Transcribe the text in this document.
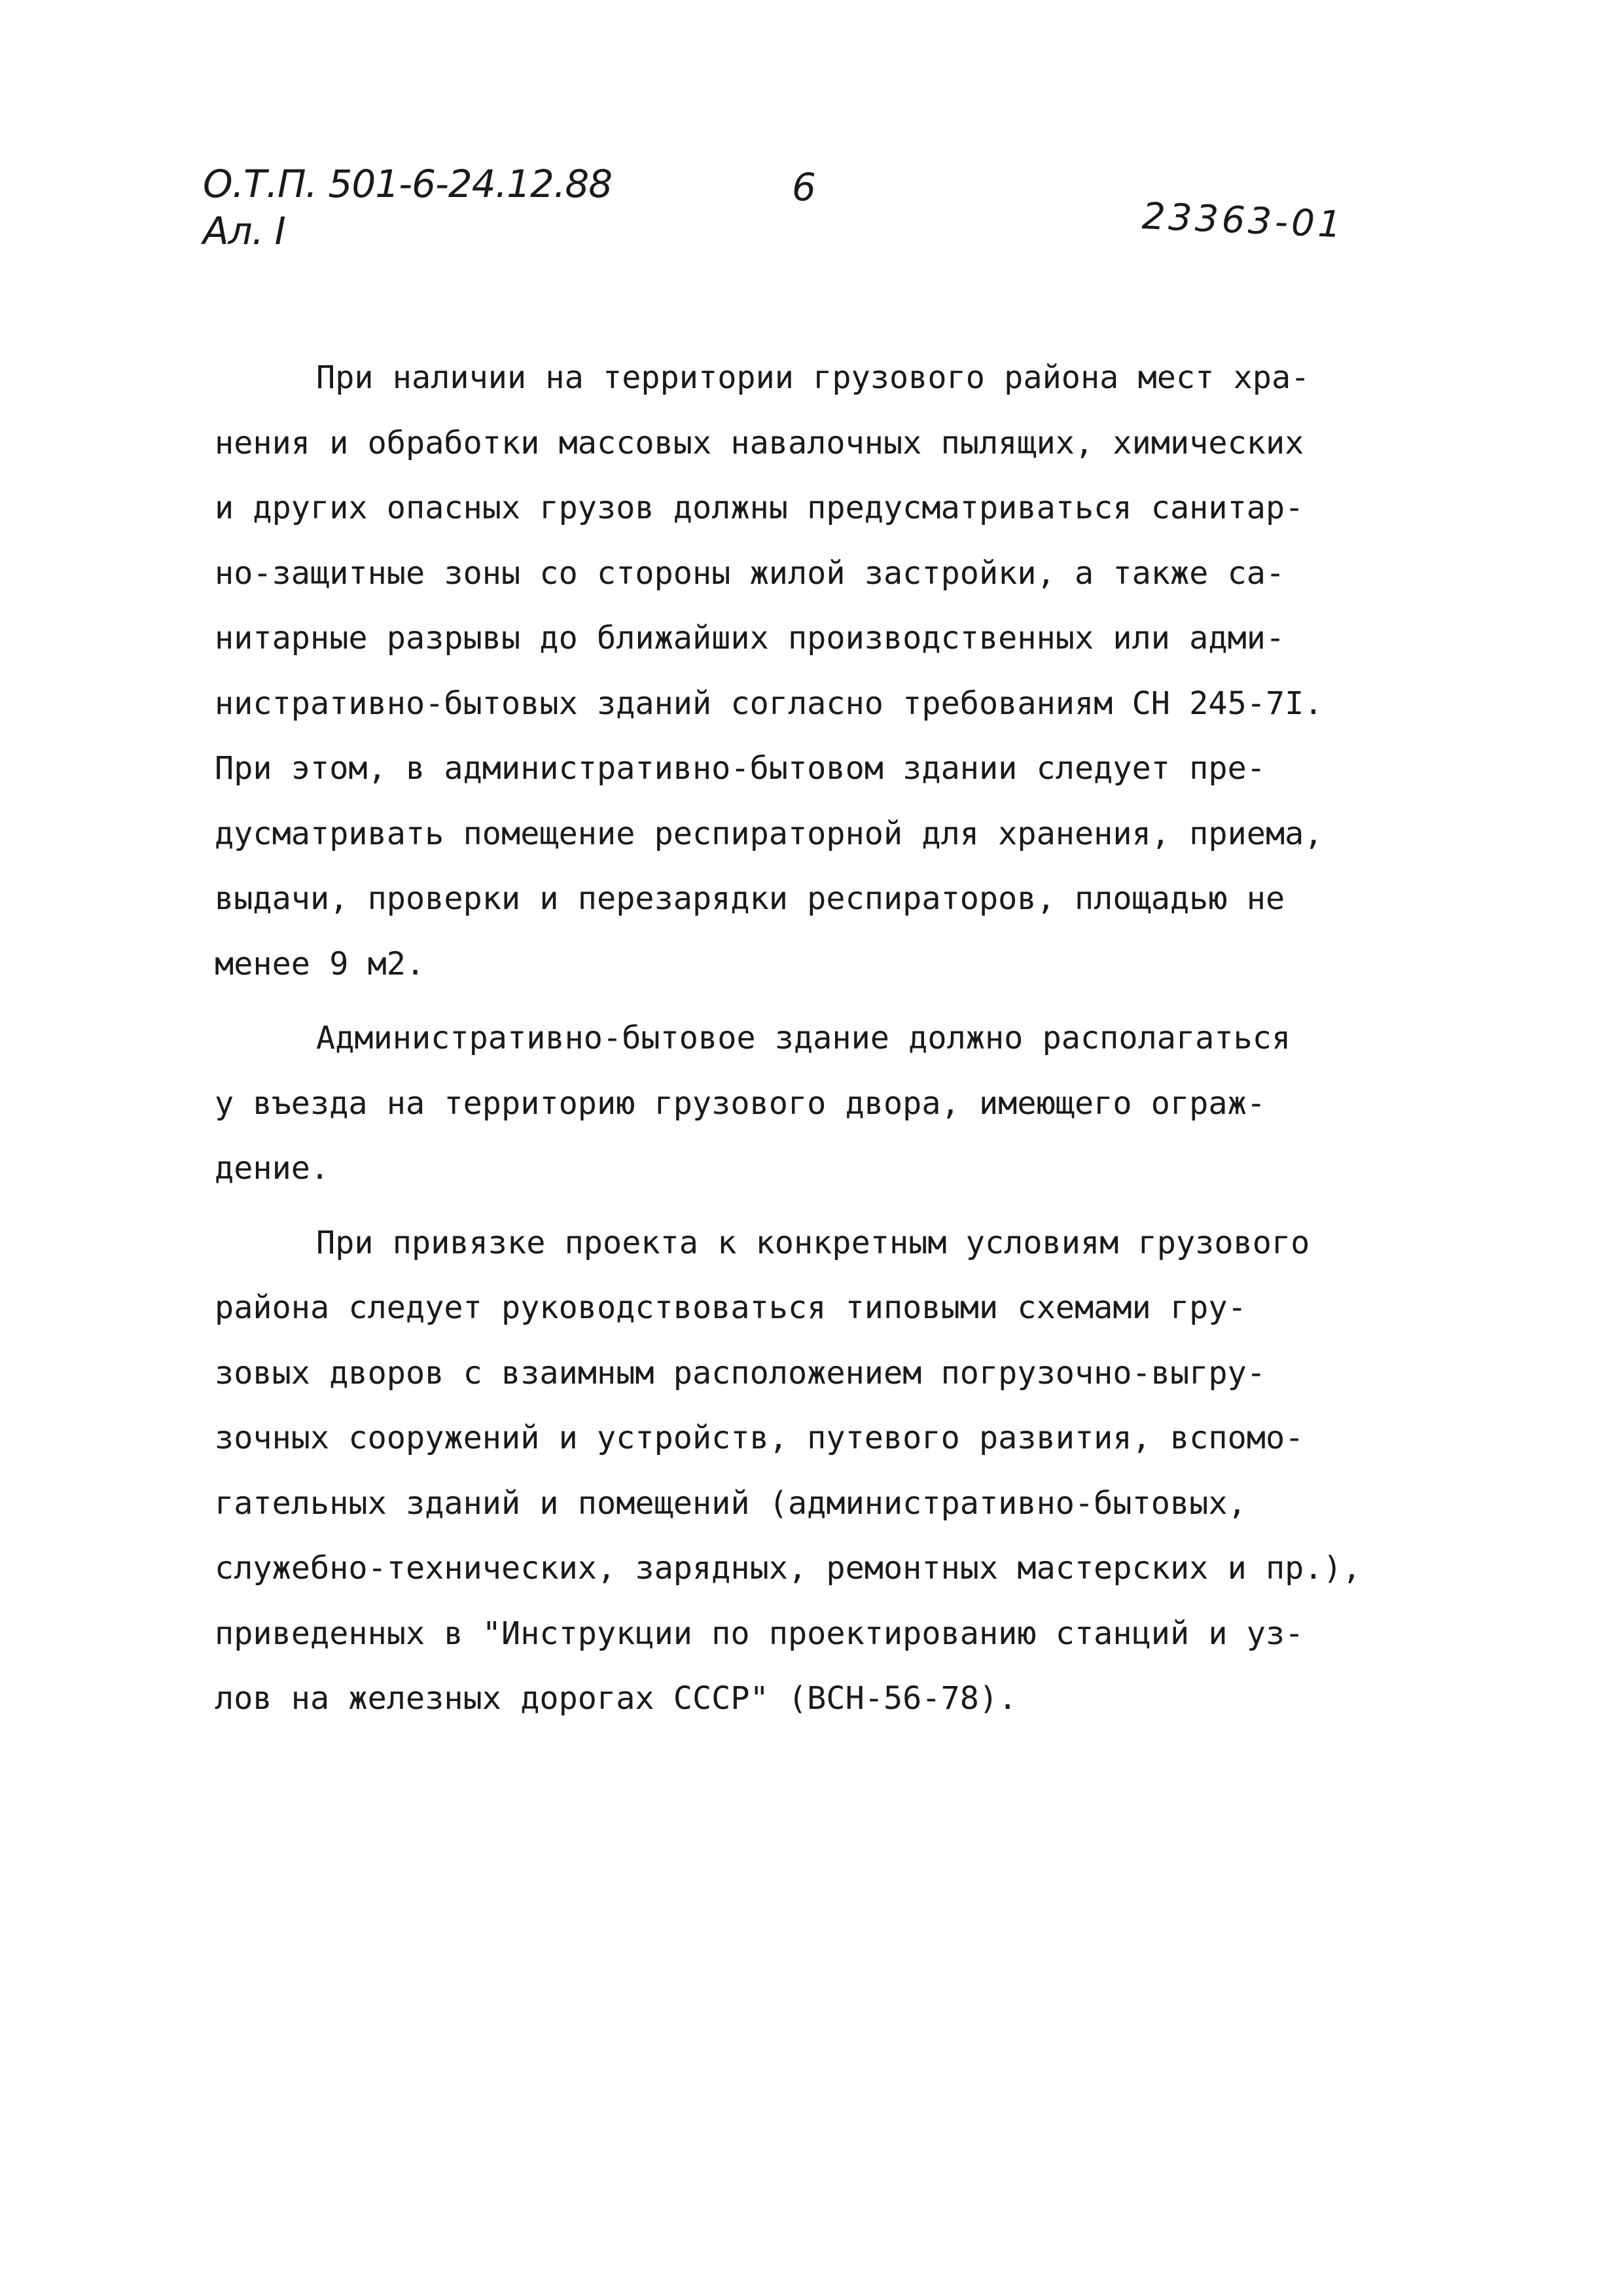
О.Т.П. 501-6-24.12.88
Ал. I
6
23363-01
При наличии на территории грузового района мест хра-
нения и обработки массовых навалочных пылящих, химических
и других опасных грузов должны предусматриваться санитар-
но-защитные зоны со стороны жилой застройки, а также са-
нитарные разрывы до ближайших производственных или адми-
нистративно-бытовых зданий согласно требованиям СН 245-7I.
При этом, в административно-бытовом здании следует пре-
дусматривать помещение респираторной для хранения, приема,
выдачи, проверки и перезарядки респираторов, площадью не
менее 9 м2.
Административно-бытовое здание должно располагаться
у въезда на территорию грузового двора, имеющего ограж-
дение.
При привязке проекта к конкретным условиям грузового
района следует руководствоваться типовыми схемами гру-
зовых дворов с взаимным расположением погрузочно-выгру-
зочных сооружений и устройств, путевого развития, вспомо-
гательных зданий и помещений (административно-бытовых,
служебно-технических, зарядных, ремонтных мастерских и пр.),
приведенных в "Инструкции по проектированию станций и уз-
лов на железных дорогах СССР" (ВСН-56-78).
